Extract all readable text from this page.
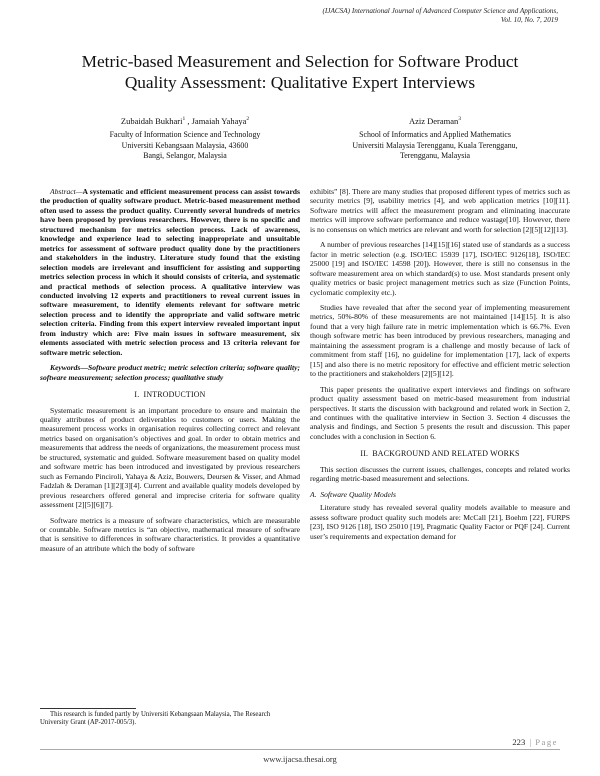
(IJACSA) International Journal of Advanced Computer Science and Applications,
Vol. 10, No. 7, 2019
Metric-based Measurement and Selection for Software Product
Quality Assessment: Qualitative Expert Interviews
Zubaidah Bukhari$^1$ , Jamaiah Yahaya$^2$
Faculty of Information Science and Technology
Universiti Kebangsaan Malaysia, 43600
Bangi, Selangor, Malaysia
Aziz Deraman$^3$
School of Informatics and Applied Mathematics
Universiti Malaysia Terengganu, Kuala Terengganu,
Terengganu, Malaysia

Abstract—A systematic and efficient measurement process can assist towards the production of quality software product. Metric-based measurement method often used to assess the product quality. Currently several hundreds of metrics have been proposed by previous researchers. However, there is no specific and structured mechanism for metrics selection process. Lack of awareness, knowledge and experience lead to selecting inappropriate and unsuitable metrics for assessment of software product quality done by the practitioners and stakeholders in the industry. Literature study found that the existing selection models are irrelevant and insufficient for assisting and supporting metrics selection process in which it should consists of criteria, and systematic and practical methods of selection process. A qualitative interview was conducted involving 12 experts and practitioners to reveal current issues in software measurement, to identify elements relevant for software metric selection process and to identify the appropriate and valid software metric selection criteria. Finding from this expert interview revealed important input from industry which are: Five main issues in software measurement, six elements associated with metric selection process and 13 criteria relevant for software metric selection.

Keywords—Software product metric; metric selection criteria; software quality; software measurement; selection process; qualitative study

I. INTRODUCTION

Systematic measurement is an important procedure to ensure and maintain the quality attributes of product deliverables to customers or users. Making the measurement process works in organisation requires collecting correct and relevant metrics based on organisation’s objectives and goal. In order to obtain metrics and measurements that address the needs of organizations, the measurement process must be structured, systematic and guided. Software measurement based on quality model and software metric has been introduced and investigated by previous researchers such as Fernando Pinciroli, Yahaya & Aziz, Bouwers, Deursen & Visser, and Ahmad Fadzlah & Deraman [1][2][3][4]. Current and available quality models developed by previous researchers offered general and imprecise criteria for software quality assessment [2][5][6][7].

Software metrics is a measure of software characteristics, which are measurable or countable. Software metrics is “an objective, mathematical measure of software that is sensitive to differences in software characteristics. It provides a quantitative measure of an attribute which the body of software

exhibits” [8]. There are many studies that proposed different types of metrics such as security metrics [9], usability metrics [4], and web application metrics [10][11]. Software metrics will affect the measurement program and eliminating inaccurate metrics will improve software performance and reduce wastage[10]. However, there is no consensus on which metrics are relevant and worth for selection [2][5][12][13].

A number of previous researches [14][15][16] stated use of standards as a success factor in metric selection (e.g. ISO/IEC 15939 [17], ISO/IEC 9126[18], ISO/IEC 25000 [19] and ISO/IEC 14598 [20]). However, there is still no consensus in the software measurement area on which standard(s) to use. Most standards present only quality metrics or basic project management metrics such as size (Function Points, cyclomatic complexity etc.).

Studies have revealed that after the second year of implementing measurement metrics, 50%-80% of these measurements are not maintained [14][15]. It is also found that a very high failure rate in metric implementation which is 66.7%. Even though software metric has been introduced by previous researchers, managing and maintaining the assessment program is a challenge and mostly because of lack of commitment from staff [16], no guideline for implementation [17], lack of experts [15] and also there is no metric repository for effective and efficient metric selection to the practitioners and stakeholders [2][5][12].

This paper presents the qualitative expert interviews and findings on software product quality assessment based on metric-based measurement from industrial perspectives. It starts the discussion with background and related work in Section 2, and continues with the qualitative interview in Section 3. Section 4 discusses the analysis and findings, and Section 5 presents the result and discussion. This paper concludes with a conclusion in Section 6.

II. BACKGROUND AND RELATED WORKS

This section discusses the current issues, challenges, concepts and related works regarding metric-based measurement and selections.

A. Software Quality Models

Literature study has revealed several quality models available to measure and assess software product quality such models are: McCall [21], Boehm [22], FURPS [23], ISO 9126 [18], ISO 25010 [19], Pragmatic Quality Factor or PQF [24]. Current user’s requirements and expectation demand for

This research is funded partly by Universiti Kebangsaan Malaysia, The Research University Grant (AP-2017-005/3).
223 | Page
www.ijacsa.thesai.org
